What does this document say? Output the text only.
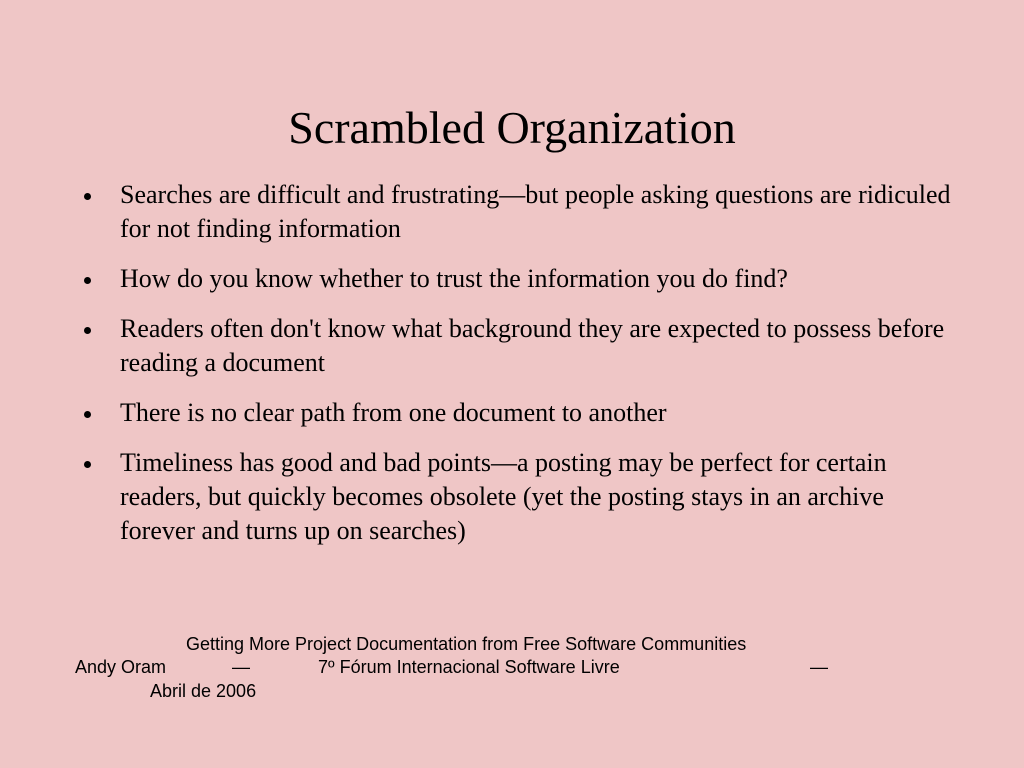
Scrambled Organization
Searches are difficult and frustrating—but people asking questions are ridiculed for not finding information
How do you know whether to trust the information you do find?
Readers often don't know what background they are expected to possess before reading a document
There is no clear path from one document to another
Timeliness has good and bad points—a posting may be perfect for certain readers, but quickly becomes obsolete (yet the posting stays in an archive forever and turns up on searches)
Getting More Project Documentation from Free Software Communities
Andy Oram	—	7º Fórum Internacional Software Livre	—
Abril de 2006
